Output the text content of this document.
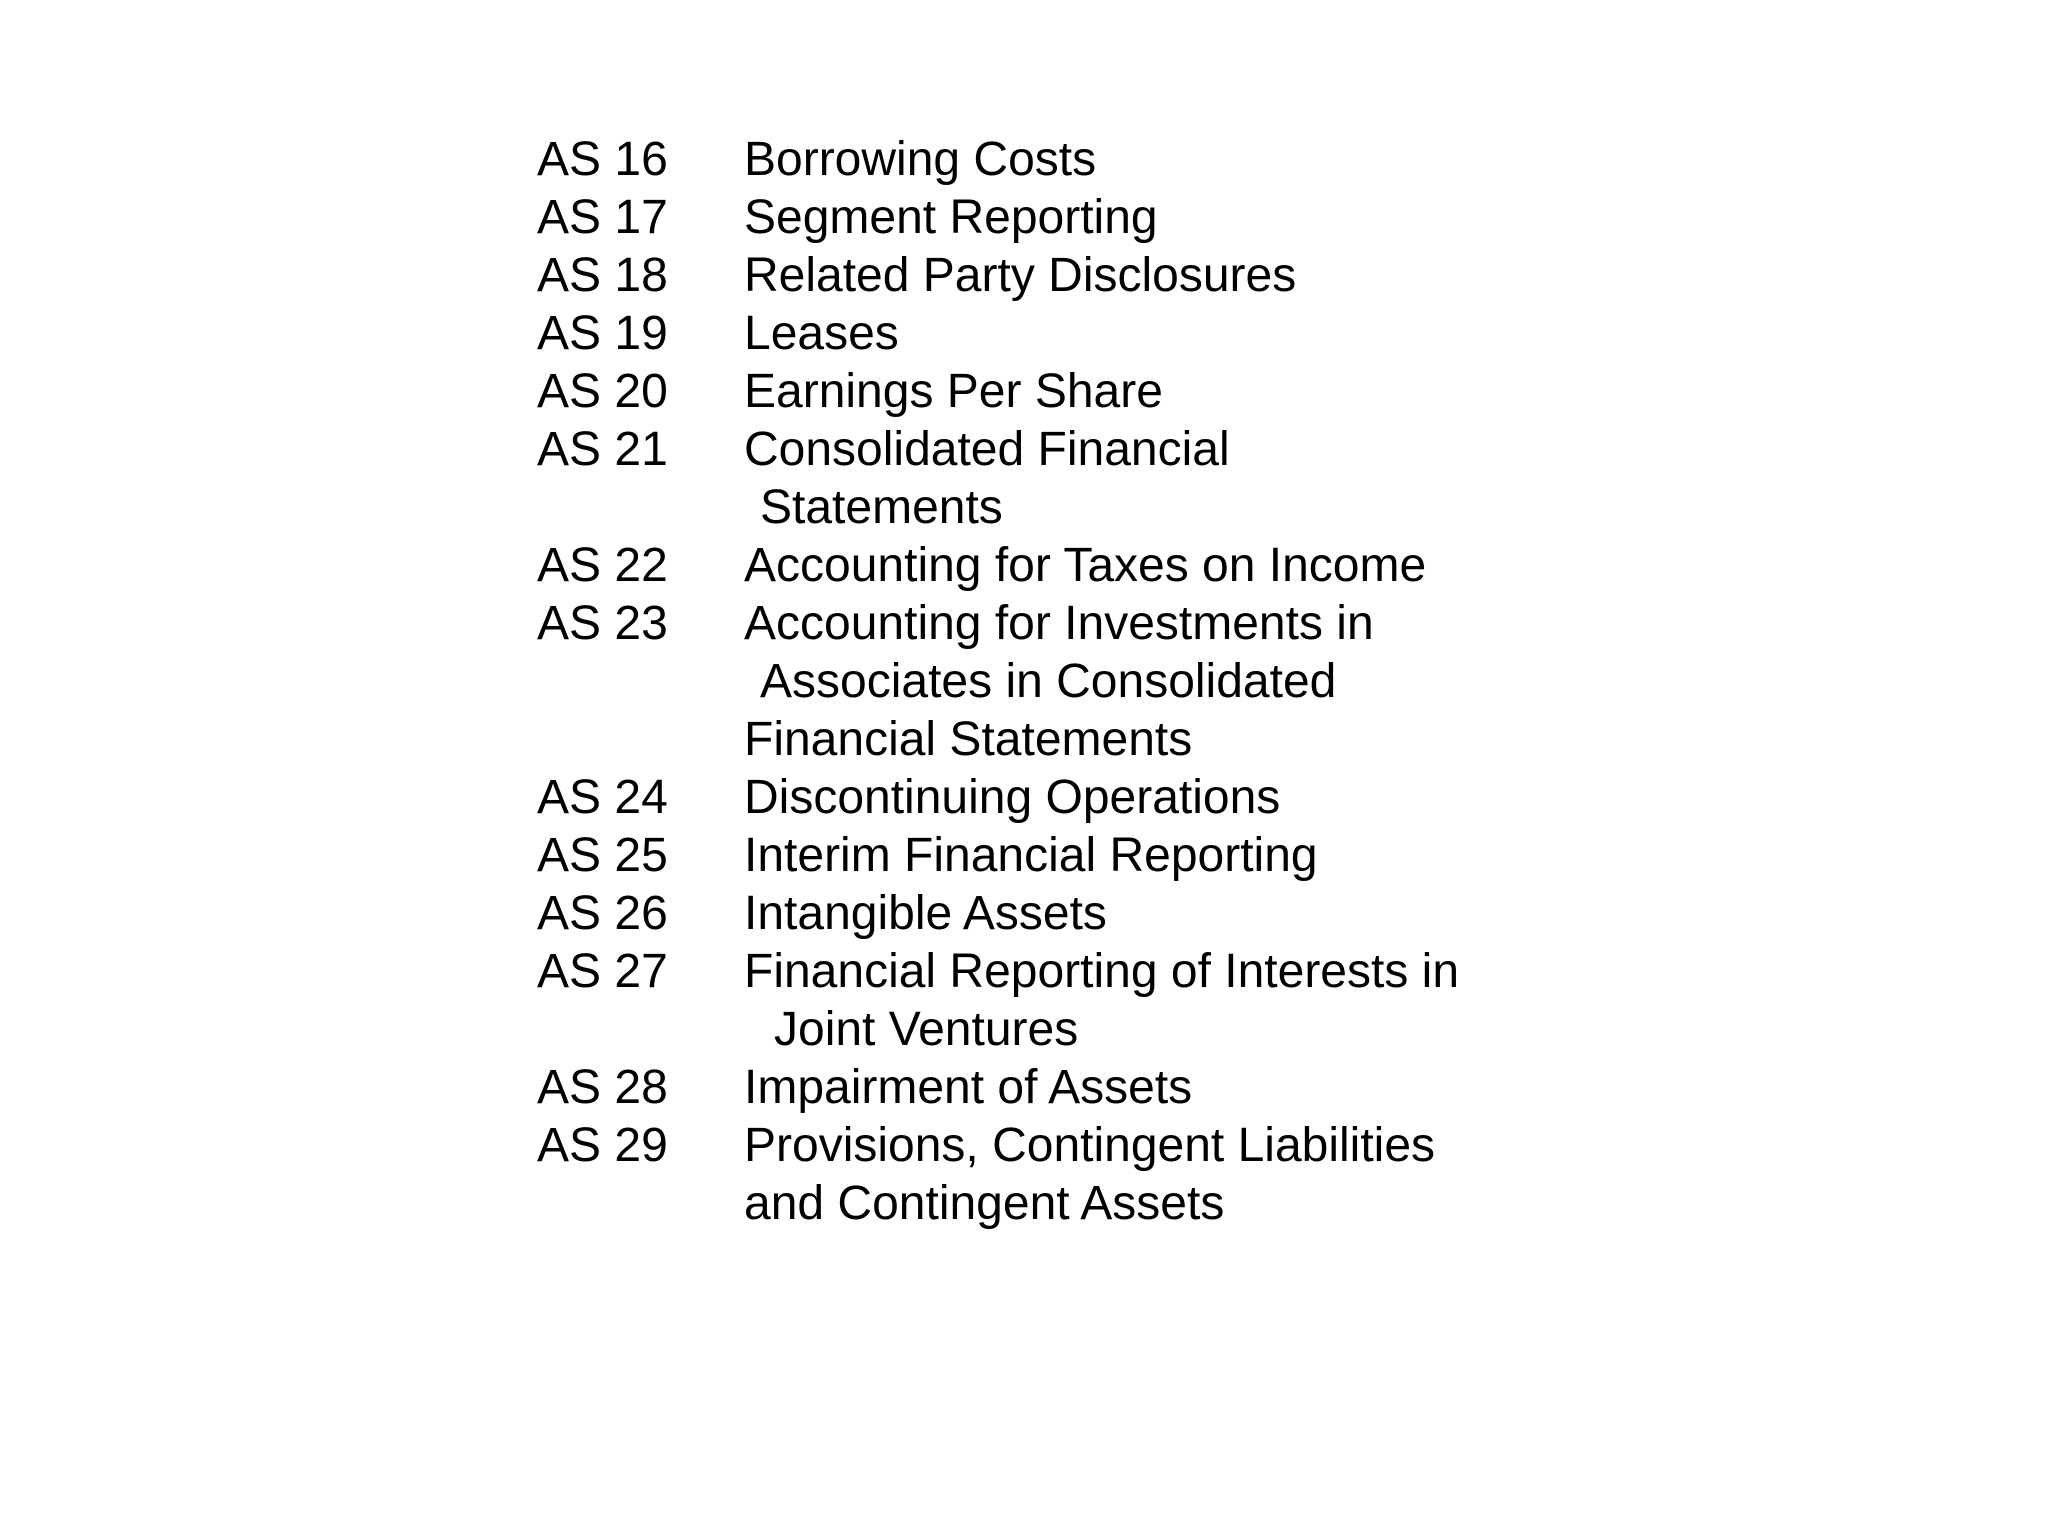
AS 16	Borrowing Costs
AS 17	Segment Reporting
AS 18	Related Party Disclosures
AS 19	Leases
AS 20	Earnings Per Share
AS 21	Consolidated Financial
Statements
AS 22	Accounting for Taxes on Income
AS 23	Accounting for Investments in
Associates in Consolidated
Financial Statements
AS 24	Discontinuing Operations
AS 25	Interim Financial Reporting
AS 26	Intangible Assets
AS 27	Financial Reporting of Interests in
Joint Ventures
AS 28	Impairment of Assets
AS 29	Provisions, Contingent Liabilities
and Contingent Assets
